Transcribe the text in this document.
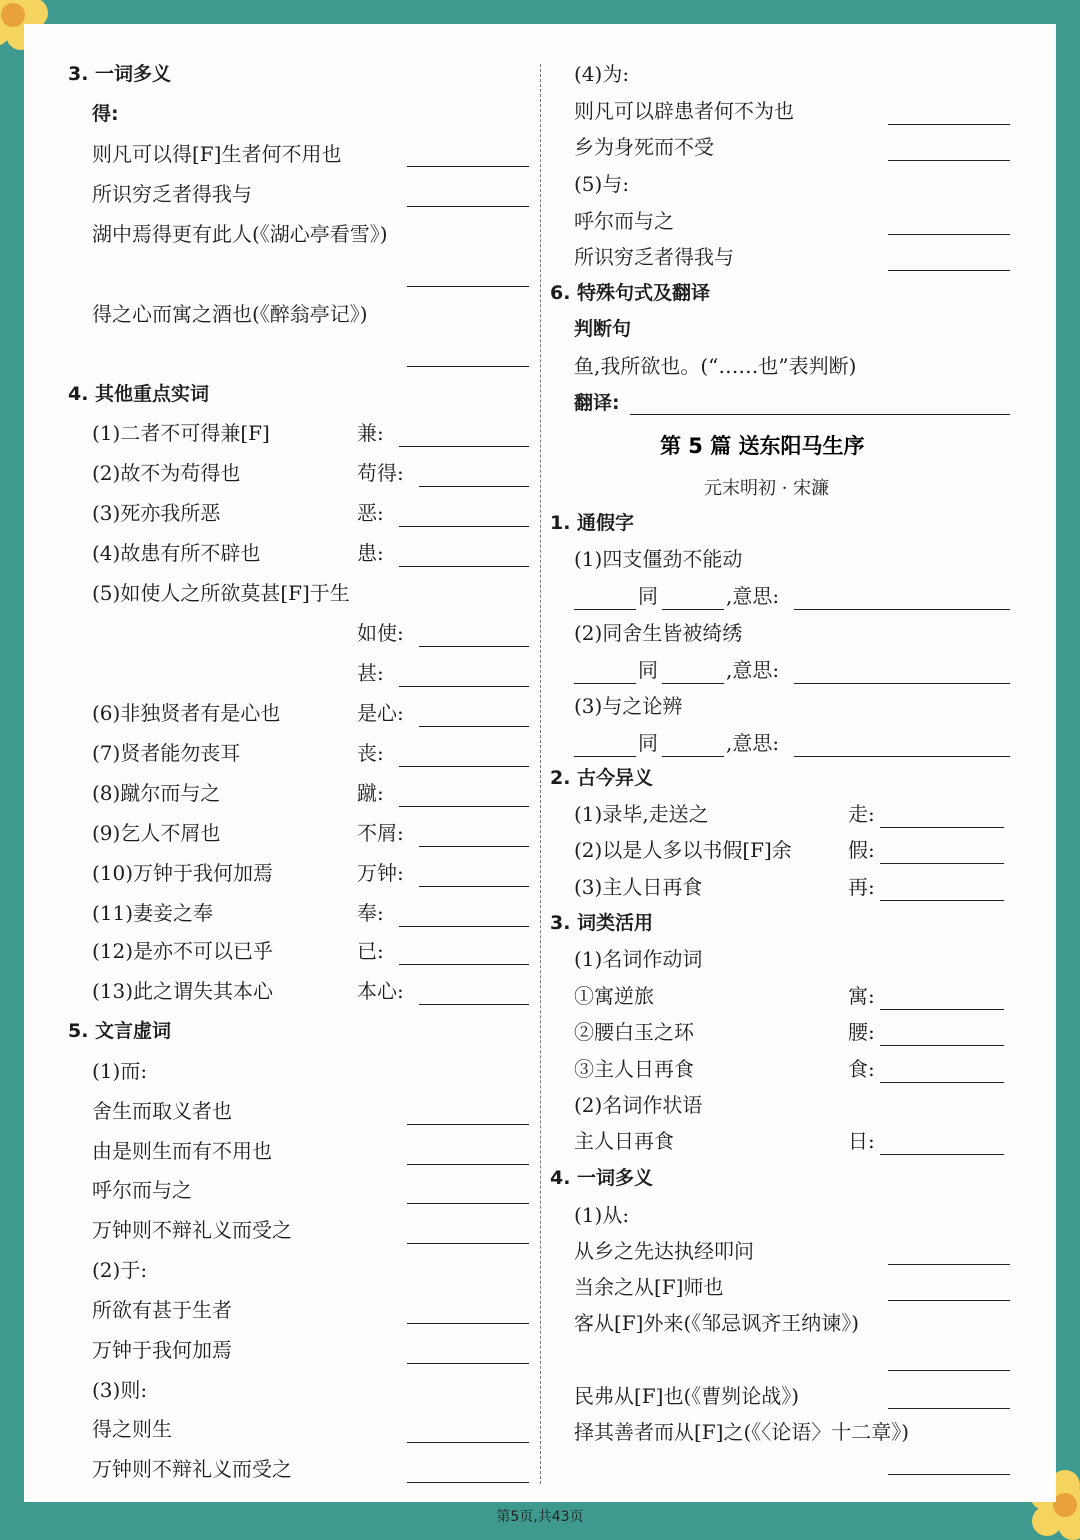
3. 一词多义
得:
则凡可以得[F]生者何不用也
所识穷乏者得我与
湖中焉得更有此人(《湖心亭看雪》)
得之心而寓之酒也(《醉翁亭记》)
4. 其他重点实词
(1)二者不可得兼[F]	兼:
(2)故不为苟得也	苟得:
(3)死亦我所恶	恶:
(4)故患有所不辟也	患:
(5)如使人之所欲莫甚[F]于生
如使:
甚:
(6)非独贤者有是心也	是心:
(7)贤者能勿丧耳	丧:
(8)蹴尔而与之	蹴:
(9)乞人不屑也	不屑:
(10)万钟于我何加焉	万钟:
(11)妻妾之奉	奉:
(12)是亦不可以已乎	已:
(13)此之谓失其本心	本心:
5. 文言虚词
(1)而:
舍生而取义者也
由是则生而有不用也
呼尔而与之
万钟则不辩礼义而受之
(2)于:
所欲有甚于生者
万钟于我何加焉
(3)则:
得之则生
万钟则不辩礼义而受之
(4)为:
则凡可以辟患者何不为也
乡为身死而不受
(5)与:
呼尔而与之
所识穷乏者得我与
6. 特殊句式及翻译
判断句
鱼,我所欲也。(“……也”表判断)
翻译:
第 5 篇 送东阳马生序
元末明初 · 宋濂
1. 通假字
(1)四支僵劲不能动
同	,意思:
(2)同舍生皆被绮绣
同	,意思:
(3)与之论辨
同	,意思:
2. 古今异义
(1)录毕,走送之	走:
(2)以是人多以书假[F]余	假:
(3)主人日再食	再:
3. 词类活用
(1)名词作动词
①寓逆旅	寓:
②腰白玉之环	腰:
③主人日再食	食:
(2)名词作状语
主人日再食	日:
4. 一词多义
(1)从:
从乡之先达执经叩问
当余之从[F]师也
客从[F]外来(《邹忌讽齐王纳谏》)
民弗从[F]也(《曹刿论战》)
择其善者而从[F]之(《〈论语〉十二章》)
第5页,共43页
